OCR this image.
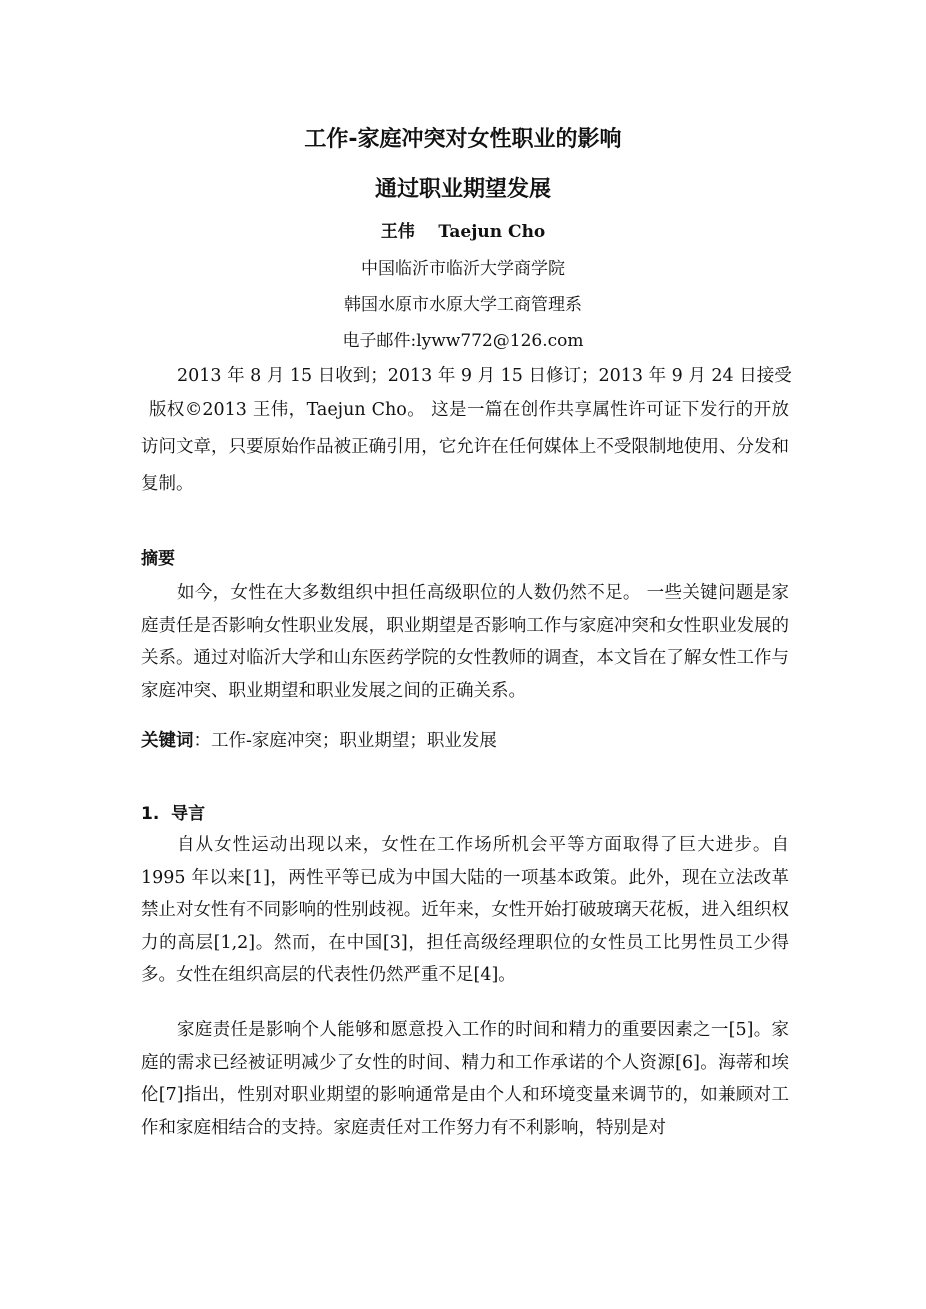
工作-家庭冲突对女性职业的影响
通过职业期望发展
王伟    Taejun Cho
中国临沂市临沂大学商学院
韩国水原市水原大学工商管理系
电子邮件:lyww772@126.com
2013 年 8 月 15 日收到；2013 年 9 月 15 日修订；2013 年 9 月 24 日接受
版权©2013 王伟，Taejun Cho。 这是一篇在创作共享属性许可证下发行的开放访问文章，只要原始作品被正确引用，它允许在任何媒体上不受限制地使用、分发和复制。
摘要
如今，女性在大多数组织中担任高级职位的人数仍然不足。 一些关键问题是家庭责任是否影响女性职业发展，职业期望是否影响工作与家庭冲突和女性职业发展的关系。通过对临沂大学和山东医药学院的女性教师的调查，本文旨在了解女性工作与家庭冲突、职业期望和职业发展之间的正确关系。
关键词：工作-家庭冲突；职业期望；职业发展
1.  导言
自从女性运动出现以来，女性在工作场所机会平等方面取得了巨大进步。自 1995 年以来[1]，两性平等已成为中国大陆的一项基本政策。此外，现在立法改革禁止对女性有不同影响的性别歧视。近年来，女性开始打破玻璃天花板，进入组织权力的高层[1,2]。然而，在中国[3]，担任高级经理职位的女性员工比男性员工少得多。女性在组织高层的代表性仍然严重不足[4]。
家庭责任是影响个人能够和愿意投入工作的时间和精力的重要因素之一[5]。家庭的需求已经被证明减少了女性的时间、精力和工作承诺的个人资源[6]。海蒂和埃伦[7]指出，性别对职业期望的影响通常是由个人和环境变量来调节的，如兼顾对工作和家庭相结合的支持。家庭责任对工作努力有不利影响，特别是对
